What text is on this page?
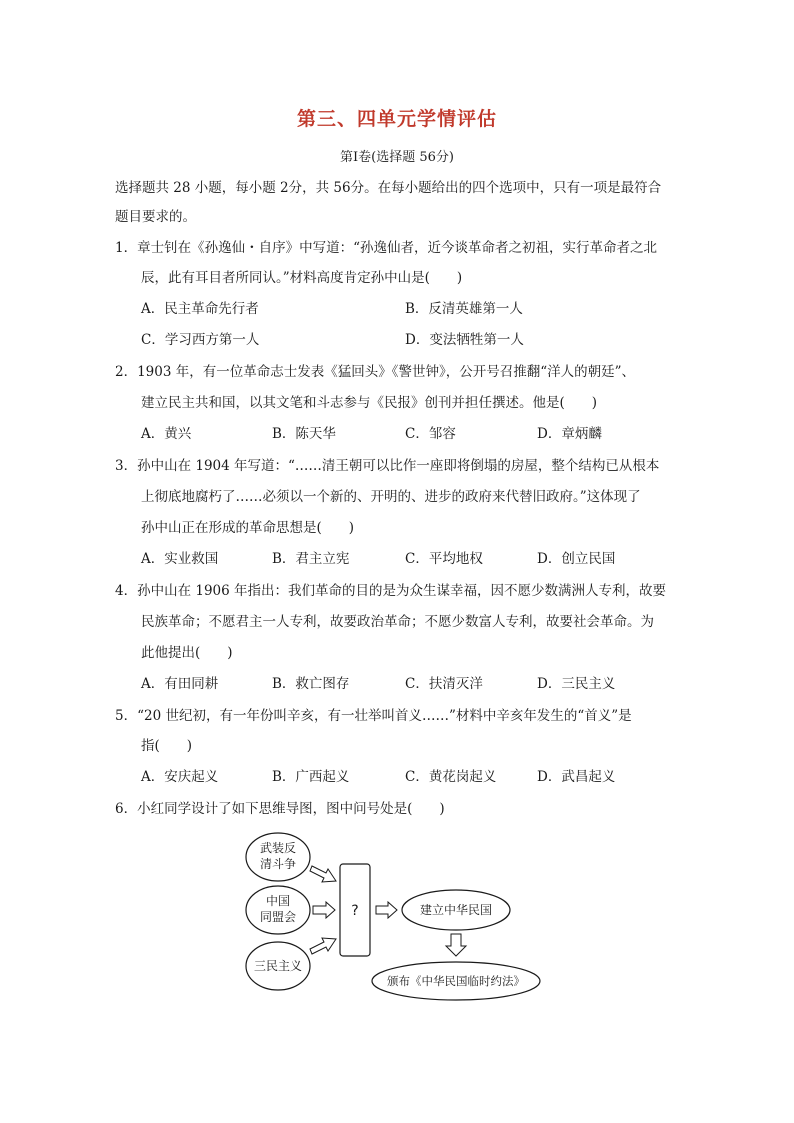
第三、四单元学情评估
第Ⅰ卷(选择题 56分)
选择题共 28 小题，每小题 2分，共 56分。在每小题给出的四个选项中，只有一项是最符合
题目要求的。
1．章士钊在《孙逸仙・自序》中写道：“孙逸仙者，近今谈革命者之初祖，实行革命者之北
辰，此有耳目者所同认。”材料高度肯定孙中山是(　　)
A．民主革命先行者	B．反清英雄第一人
C．学习西方第一人	D．变法牺牲第一人
2．1903 年，有一位革命志士发表《猛回头》《警世钟》，公开号召推翻“洋人的朝廷”、
建立民主共和国，以其文笔和斗志参与《民报》创刊并担任撰述。他是(　　)
A．黄兴	B．陈天华	C．邹容	D．章炳麟
3．孙中山在 1904 年写道：“……清王朝可以比作一座即将倒塌的房屋，整个结构已从根本
上彻底地腐朽了……必须以一个新的、开明的、进步的政府来代替旧政府。”这体现了
孙中山正在形成的革命思想是(　　)
A．实业救国	B．君主立宪	C．平均地权	D．创立民国
4．孙中山在 1906 年指出：我们革命的目的是为众生谋幸福，因不愿少数满洲人专利，故要
民族革命；不愿君主一人专利，故要政治革命；不愿少数富人专利，故要社会革命。为
此他提出(　　)
A．有田同耕	B．救亡图存	C．扶清灭洋	D．三民主义
5．“20 世纪初，有一年份叫辛亥，有一壮举叫首义……”材料中辛亥年发生的“首义”是
指(　　)
A．安庆起义	B．广西起义	C．黄花岗起义	D．武昌起义
6．小红同学设计了如下思维导图，图中问号处是(　　)
武装反
清斗争
中国
同盟会
三民主义
?	建立中华民国
颁布《中华民国临时约法》
